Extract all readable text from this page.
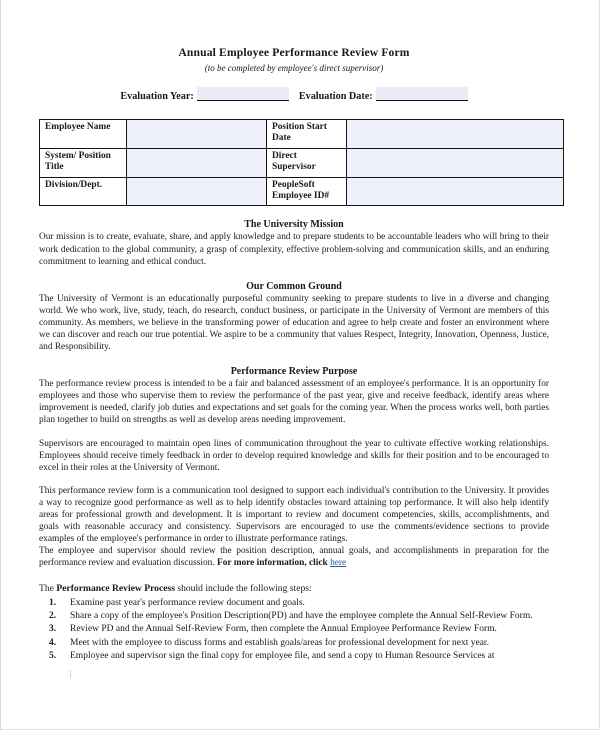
Annual Employee Performance Review Form
(to be completed by employee's direct supervisor)
Evaluation Year:	Evaluation Date:
Employee Name		Position Start Date	
System/ Position Title		Direct Supervisor	
Division/Dept.		PeopleSoft Employee ID#	
The University Mission

Our mission is to create, evaluate, share, and apply knowledge and to prepare students to be accountable leaders who will bring to their work dedication to the global community, a grasp of complexity, effective problem-solving and communication skills, and an enduring commitment to learning and ethical conduct.

Our Common Ground

The University of Vermont is an educationally purposeful community seeking to prepare students to live in a diverse and changing world. We who work, live, study, teach, do research, conduct business, or participate in the University of Vermont are members of this community. As members, we believe in the transforming power of education and agree to help create and foster an environment where we can discover and reach our true potential. We aspire to be a community that values Respect, Integrity, Innovation, Openness, Justice, and Responsibility.

Performance Review Purpose

The performance review process is intended to be a fair and balanced assessment of an employee's performance. It is an opportunity for employees and those who supervise them to review the performance of the past year, give and receive feedback, identify areas where improvement is needed, clarify job duties and expectations and set goals for the coming year. When the process works well, both parties plan together to build on strengths as well as develop areas needing improvement.

Supervisors are encouraged to maintain open lines of communication throughout the year to cultivate effective working relationships. Employees should receive timely feedback in order to develop required knowledge and skills for their position and to be encouraged to excel in their roles at the University of Vermont.

This performance review form is a communication tool designed to support each individual's contribution to the University. It provides a way to recognize good performance as well as to help identify obstacles toward attaining top performance. It will also help identify areas for professional growth and development. It is important to review and document competencies, skills, accomplishments, and goals with reasonable accuracy and consistency. Supervisors are encouraged to use the comments/evidence sections to provide examples of the employee's performance in order to illustrate performance ratings.

The employee and supervisor should review the position description, annual goals, and accomplishments in preparation for the performance review and evaluation discussion. For more information, click here

The Performance Review Process should include the following steps:
1. Examine past year's performance review document and goals.
2. Share a copy of the employee's Position Description(PD) and have the employee complete the Annual Self-Review Form.
3. Review PD and the Annual Self-Review Form, then complete the Annual Employee Performance Review Form.
4. Meet with the employee to discuss forms and establish goals/areas for professional development for next year.
5. Employee and supervisor sign the final copy for employee file, and send a copy to Human Resource Services at
|
